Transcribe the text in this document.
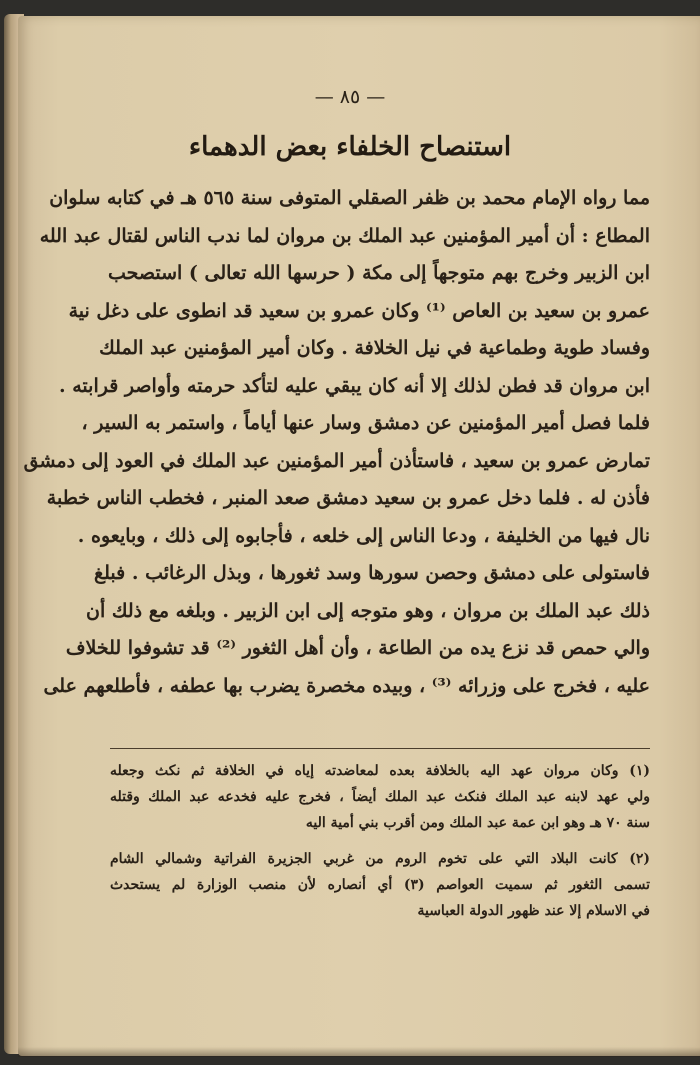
— ٨٥ —
استنصاح الخلفاء بعض الدهماء
مما رواه الإمام محمد بن ظفر الصقلي المتوفى سنة ٥٦٥ هـ في كتابه سلوان
المطاع : أن أمير المؤمنين عبد الملك بن مروان لما ندب الناس لقتال عبد الله
ابن الزبير وخرج بهم متوجهاً إلى مكة ( حرسها الله تعالى ) استصحب
عمرو بن سعيد بن العاص ⁽¹⁾ وكان عمرو بن سعيد قد انطوى على دغل نية
وفساد طوية وطماعية في نيل الخلافة . وكان أمير المؤمنين عبد الملك
ابن مروان قد فطن لذلك إلا أنه كان يبقي عليه لتأكد حرمته وأواصر قرابته .
فلما فصل أمير المؤمنين عن دمشق وسار عنها أياماً ، واستمر به السير ،
تمارض عمرو بن سعيد ، فاستأذن أمير المؤمنين عبد الملك في العود إلى دمشق
فأذن له . فلما دخل عمرو بن سعيد دمشق صعد المنبر ، فخطب الناس خطبة
نال فيها من الخليفة ، ودعا الناس إلى خلعه ، فأجابوه إلى ذلك ، وبايعوه .
فاستولى على دمشق وحصن سورها وسد ثغورها ، وبذل الرغائب . فبلغ
ذلك عبد الملك بن مروان ، وهو متوجه إلى ابن الزبير . وبلغه مع ذلك أن
والي حمص قد نزع يده من الطاعة ، وأن أهل الثغور ⁽²⁾ قد تشوفوا للخلاف
عليه ، فخرج على وزرائه ⁽³⁾ ، وبيده مخصرة يضرب بها عطفه ، فأطلعهم على
(١) وكان مروان عهد اليه بالخلافة بعده لمعاضدته إياه في الخلافة ثم نكث وجعله
ولي عهد لابنه عبد الملك فنكث عبد الملك أيضاً ، فخرج عليه فخدعه عبد الملك وقتله
سنة ٧٠ هـ وهو ابن عمة عبد الملك ومن أقرب بني أمية اليه
(٢) كانت البلاد التي على تخوم الروم من غربي الجزيرة الفراتية وشمالي الشام
تسمى الثغور ثم سميت العواصم (٣) أي أنصاره لأن منصب الوزارة لم يستحدث
في الاسلام إلا عند ظهور الدولة العباسية
